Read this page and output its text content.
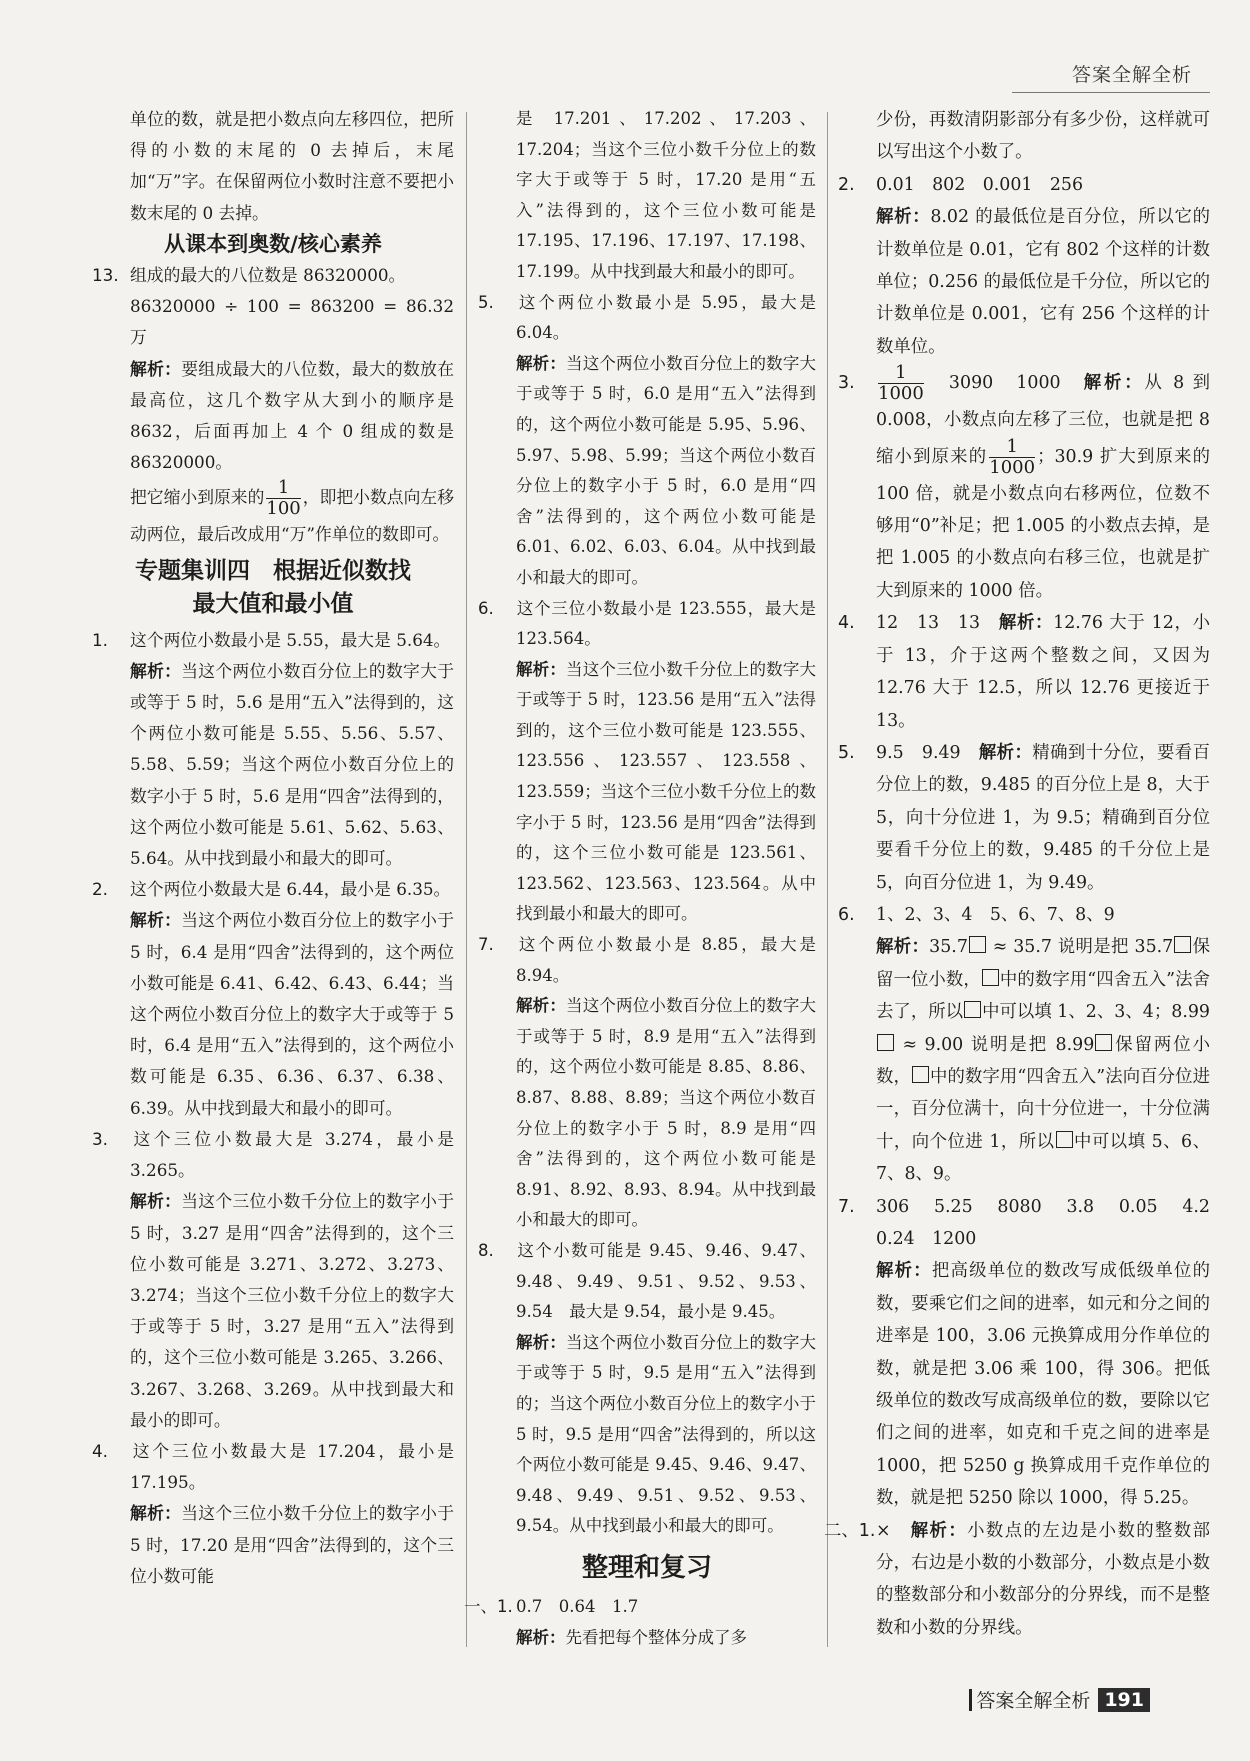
答案全解全析

单位的数，就是把小数点向左移四位，把所得的小数的末尾的 0 去掉后，末尾加“万”字。在保留两位小数时注意不要把小数末尾的 0 去掉。

从课本到奥数/核心素养

13. 组成的最大的八位数是 86320000。
86320000 ÷ 100 = 863200 = 86.32 万
解析：要组成最大的八位数，最大的数放在最高位，这几个数字从大到小的顺序是 8632，后面再加上 4 个 0 组成的数是 86320000。
把它缩小到原来的 $\frac{1}{100}$ ，即把小数点向左移动两位，最后改成用“万”作单位的数即可。

专题集训四　根据近似数找
最大值和最小值

1. 这个两位小数最小是 5.55，最大是 5.64。
解析：当这个两位小数百分位上的数字大于或等于 5 时，5.6 是用“五入”法得到的，这个两位小数可能是 5.55、5.56、5.57、5.58、5.59；当这个两位小数百分位上的数字小于 5 时，5.6 是用“四舍”法得到的，这个两位小数可能是 5.61、5.62、5.63、5.64。从中找到最小和最大的即可。

2. 这个两位小数最大是 6.44，最小是 6.35。
解析：当这个两位小数百分位上的数字小于 5 时，6.4 是用“四舍”法得到的，这个两位小数可能是 6.41、6.42、6.43、6.44；当这个两位小数百分位上的数字大于或等于 5 时，6.4 是用“五入”法得到的，这个两位小数可能是 6.35、6.36、6.37、6.38、6.39。从中找到最大和最小的即可。

3. 这个三位小数最大是 3.274，最小是 3.265。
解析：当这个三位小数千分位上的数字小于 5 时，3.27 是用“四舍”法得到的，这个三位小数可能是 3.271、3.272、3.273、3.274；当这个三位小数千分位上的数字大于或等于 5 时，3.27 是用“五入”法得到的，这个三位小数可能是 3.265、3.266、3.267、3.268、3.269。从中找到最大和最小的即可。

4. 这个三位小数最大是 17.204，最小是 17.195。
解析：当这个三位小数千分位上的数字小于 5 时，17.20 是用“四舍”法得到的，这个三位小数可能

是 17.201、17.202、17.203、17.204；当这个三位小数千分位上的数字大于或等于 5 时，17.20 是用“五入”法得到的，这个三位小数可能是 17.195、17.196、17.197、17.198、17.199。从中找到最大和最小的即可。

5. 这个两位小数最小是 5.95，最大是 6.04。
解析：当这个两位小数百分位上的数字大于或等于 5 时，6.0 是用“五入”法得到的，这个两位小数可能是 5.95、5.96、5.97、5.98、5.99；当这个两位小数百分位上的数字小于 5 时，6.0 是用“四舍”法得到的，这个两位小数可能是 6.01、6.02、6.03、6.04。从中找到最小和最大的即可。

6. 这个三位小数最小是 123.555，最大是 123.564。
解析：当这个三位小数千分位上的数字大于或等于 5 时，123.56 是用“五入”法得到的，这个三位小数可能是 123.555、123.556、123.557、123.558、123.559；当这个三位小数千分位上的数字小于 5 时，123.56 是用“四舍”法得到的，这个三位小数可能是 123.561、123.562、123.563、123.564。从中找到最小和最大的即可。

7. 这个两位小数最小是 8.85，最大是 8.94。
解析：当这个两位小数百分位上的数字大于或等于 5 时，8.9 是用“五入”法得到的，这个两位小数可能是 8.85、8.86、8.87、8.88、8.89；当这个两位小数百分位上的数字小于 5 时，8.9 是用“四舍”法得到的，这个两位小数可能是 8.91、8.92、8.93、8.94。从中找到最小和最大的即可。

8. 这个小数可能是 9.45、9.46、9.47、9.48、9.49、9.51、9.52、9.53、9.54　最大是 9.54，最小是 9.45。
解析：当这个两位小数百分位上的数字大于或等于 5 时，9.5 是用“五入”法得到的；当这个两位小数百分位上的数字小于 5 时，9.5 是用“四舍”法得到的，所以这个两位小数可能是 9.45、9.46、9.47、9.48、9.49、9.51、9.52、9.53、9.54。从中找到最小和最大的即可。

整理和复习

一、1. 0.7　0.64　1.7
解析：先看把每个整体分成了多

少份，再数清阴影部分有多少份，这样就可以写出这个小数了。

2. 0.01　802　0.001　256
解析：8.02 的最低位是百分位，所以它的计数单位是 0.01，它有 802 个这样的计数单位；0.256 的最低位是千分位，所以它的计数单位是 0.001，它有 256 个这样的计数单位。

3. $\frac{1}{1000}$ 　3090　1000　解析：从 8 到 0.008，小数点向左移了三位，也就是把 8 缩小到原来的 $\frac{1}{1000}$ ；30.9 扩大到原来的 100 倍，就是小数点向右移两位，位数不够用“0”补足；把 1.005 的小数点去掉，是把 1.005 的小数点向右移三位，也就是扩大到原来的 1000 倍。

4. 12　13　13　解析：12.76 大于 12，小于 13，介于这两个整数之间，又因为 12.76 大于 12.5，所以 12.76 更接近于 13。

5. 9.5　9.49　解析：精确到十分位，要看百分位上的数，9.485 的百分位上是 8，大于 5，向十分位进 1，为 9.5；精确到百分位要看千分位上的数，9.485 的千分位上是 5，向百分位进 1，为 9.49。

6. 1、2、3、4　5、6、7、8、9
解析：35.7 ≈ 35.7 说明是把 35.7 保留一位小数， 中的数字用“四舍五入”法舍去了，所以 中可以填 1、2、3、4；8.99 ≈ 9.00 说明是把 8.99 保留两位小数， 中的数字用“四舍五入”法向百分位进一，百分位满十，向十分位进一，十分位满十，向个位进 1，所以 中可以填 5、6、7、8、9。

7. 306　5.25　8080　3.8　0.05　4.2　0.24　1200
解析：把高级单位的数改写成低级单位的数，要乘它们之间的进率，如元和分之间的进率是 100，3.06 元换算成用分作单位的数，就是把 3.06 乘 100，得 306。把低级单位的数改写成高级单位的数，要除以它们之间的进率，如克和千克之间的进率是 1000，把 5250 g 换算成用千克作单位的数，就是把 5250 除以 1000，得 5.25。

二、1.×　解析：小数点的左边是小数的整数部分，右边是小数的小数部分，小数点是小数的整数部分和小数部分的分界线，而不是整数和小数的分界线。

答案全解全析 191
